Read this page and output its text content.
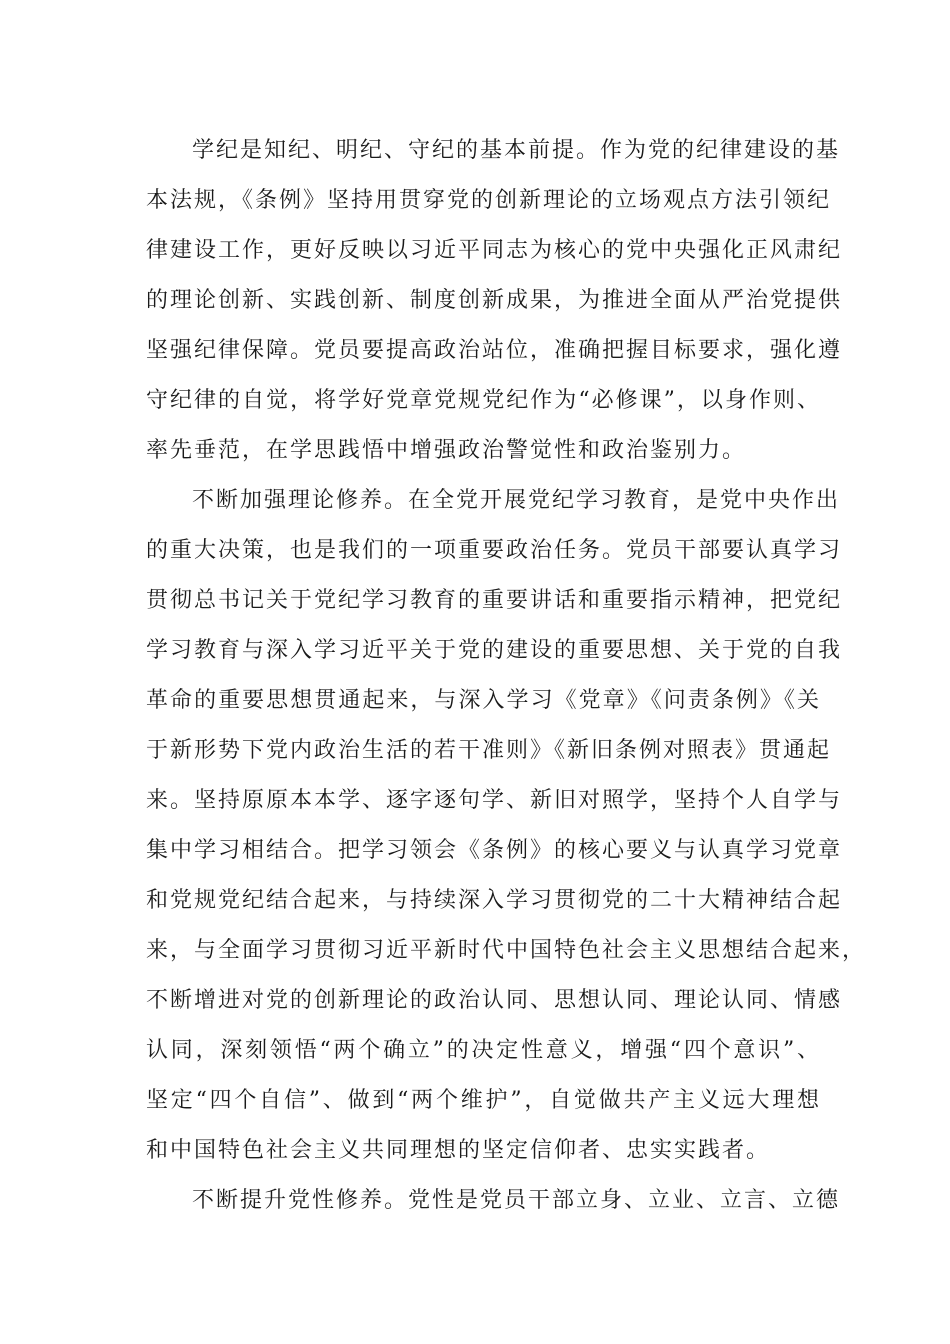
学纪是知纪、明纪、守纪的基本前提。作为党的纪律建设的基
本法规，《条例》坚持用贯穿党的创新理论的立场观点方法引领纪
律建设工作，更好反映以习近平同志为核心的党中央强化正风肃纪
的理论创新、实践创新、制度创新成果，为推进全面从严治党提供
坚强纪律保障。党员要提高政治站位，准确把握目标要求，强化遵
守纪律的自觉，将学好党章党规党纪作为“必修课”，以身作则、
率先垂范，在学思践悟中增强政治警觉性和政治鉴别力。
不断加强理论修养。在全党开展党纪学习教育，是党中央作出
的重大决策，也是我们的一项重要政治任务。党员干部要认真学习
贯彻总书记关于党纪学习教育的重要讲话和重要指示精神，把党纪
学习教育与深入学习近平关于党的建设的重要思想、关于党的自我
革命的重要思想贯通起来，与深入学习《党章》《问责条例》《关
于新形势下党内政治生活的若干准则》《新旧条例对照表》贯通起
来。坚持原原本本学、逐字逐句学、新旧对照学，坚持个人自学与
集中学习相结合。把学习领会《条例》的核心要义与认真学习党章
和党规党纪结合起来，与持续深入学习贯彻党的二十大精神结合起
来，与全面学习贯彻习近平新时代中国特色社会主义思想结合起来，
不断增进对党的创新理论的政治认同、思想认同、理论认同、情感
认同，深刻领悟“两个确立”的决定性意义，增强“四个意识”、
坚定“四个自信”、做到“两个维护”，自觉做共产主义远大理想
和中国特色社会主义共同理想的坚定信仰者、忠实实践者。
不断提升党性修养。党性是党员干部立身、立业、立言、立德
